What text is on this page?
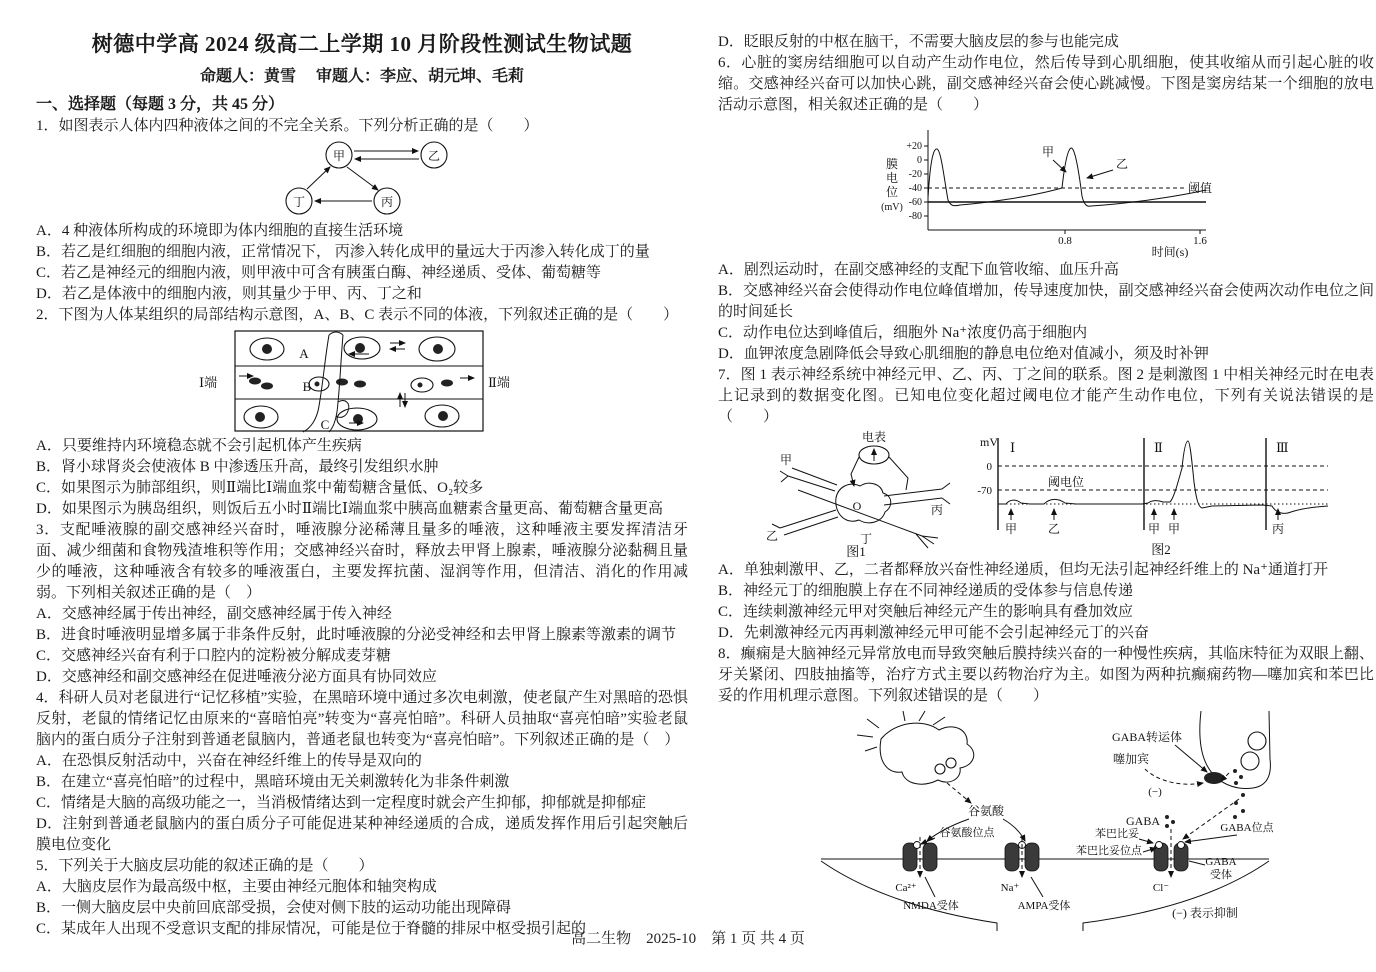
树德中学高 2024 级高二上学期 10 月阶段性测试生物试题
命题人：黄雪　 审题人：李应、胡元坤、毛莉
一、选择题（每题 3 分，共 45 分）

1．如图表示人体内四种液体之间的不完全关系。下列分析正确的是（　　）

甲	乙
丁	丙

A．4 种液体所构成的环境即为体内细胞的直接生活环境

B．若乙是红细胞的细胞内液，正常情况下， 丙渗入转化成甲的量远大于丙渗入转化成丁的量

C．若乙是神经元的细胞内液，则甲液中可含有胰蛋白酶、神经递质、受体、葡萄糖等

D．若乙是体液中的细胞内液，则其量少于甲、丙、丁之和

2．下图为人体某组织的局部结构示意图，A、B、C 表示不同的体液，下列叙述正确的是（　　）

Ⅰ端	Ⅱ端
A
B
C

A．只要维持内环境稳态就不会引起机体产生疾病

B．肾小球肾炎会使液体 B 中渗透压升高，最终引发组织水肿

C．如果图示为肺部组织，则Ⅱ端比Ⅰ端血浆中葡萄糖含量低、O₂较多

D．如果图示为胰岛组织，则饭后五小时Ⅱ端比Ⅰ端血浆中胰高血糖素含量更高、葡萄糖含量更高

3．支配唾液腺的副交感神经兴奋时，唾液腺分泌稀薄且量多的唾液，这种唾液主要发挥清洁牙面、减少细菌和食物残渣堆积等作用；交感神经兴奋时，释放去甲肾上腺素，唾液腺分泌黏稠且量少的唾液，这种唾液含有较多的唾液蛋白，主要发挥抗菌、湿润等作用，但清洁、消化的作用减弱。下列相关叙述正确的是（　）

A．交感神经属于传出神经，副交感神经属于传入神经

B．进食时唾液明显增多属于非条件反射，此时唾液腺的分泌受神经和去甲肾上腺素等激素的调节

C．交感神经兴奋有利于口腔内的淀粉被分解成麦芽糖

D．交感神经和副交感神经在促进唾液分泌方面具有协同效应

4．科研人员对老鼠进行“记忆移植”实验，在黑暗环境中通过多次电刺激，使老鼠产生对黑暗的恐惧反射，老鼠的情绪记忆由原来的“喜暗怕亮”转变为“喜亮怕暗”。科研人员抽取“喜亮怕暗”实验老鼠脑内的蛋白质分子注射到普通老鼠脑内，普通老鼠也转变为“喜亮怕暗”。下列叙述正确的是（　）

A．在恐惧反射活动中，兴奋在神经纤维上的传导是双向的

B．在建立“喜亮怕暗”的过程中，黑暗环境由无关刺激转化为非条件刺激

C．情绪是大脑的高级功能之一，当消极情绪达到一定程度时就会产生抑郁，抑郁就是抑郁症

D．注射到普通老鼠脑内的蛋白质分子可能促进某种神经递质的合成，递质发挥作用后引起突触后膜电位变化

5．下列关于大脑皮层功能的叙述正确的是（　　）

A．大脑皮层作为最高级中枢，主要由神经元胞体和轴突构成

B．一侧大脑皮层中央前回底部受损，会使对侧下肢的运动功能出现障碍

C．某成年人出现不受意识支配的排尿情况，可能是位于脊髓的排尿中枢受损引起的

D．眨眼反射的中枢在脑干，不需要大脑皮层的参与也能完成

6．心脏的窦房结细胞可以自动产生动作电位，然后传导到心肌细胞，使其收缩从而引起心脏的收缩。交感神经兴奋可以加快心跳，副交感神经兴奋会使心跳减慢。下图是窦房结某一个细胞的放电活动示意图，相关叙述正确的是（　　）

+20
0
-20
-40
-60
-80
膜
电
位
(mV)
阈值
甲
乙
0.8	1.6
时间(s)

A．剧烈运动时，在副交感神经的支配下血管收缩、血压升高

B．交感神经兴奋会使得动作电位峰值增加，传导速度加快，副交感神经兴奋会使两次动作电位之间的时间延长

C．动作电位达到峰值后，细胞外 Na⁺浓度仍高于细胞内

D．血钾浓度急剧降低会导致心肌细胞的静息电位绝对值减小，须及时补钾

7．图 1 表示神经系统中神经元甲、乙、丙、丁之间的联系。图 2 是刺激图 1 中相关神经元时在电表上记录到的数据变化图。已知电位变化超过阈电位才能产生动作电位，下列有关说法错误的是（　　）

电表
O
甲
乙
丙
丁
图1
mV Ⅰ	Ⅱ	Ⅲ
0
-70
阈电位
甲	乙	甲 甲	丙
图2

A．单独刺激甲、乙，二者都释放兴奋性神经递质，但均无法引起神经纤维上的 Na⁺通道打开

B．神经元丁的细胞膜上存在不同神经递质的受体参与信息传递

C．连续刺激神经元甲对突触后神经元产生的影响具有叠加效应

D．先刺激神经元丙再刺激神经元甲可能不会引起神经元丁的兴奋

8．癫痫是大脑神经元异常放电而导致突触后膜持续兴奋的一种慢性疾病，其临床特征为双眼上翻、牙关紧闭、四肢抽搐等，治疗方式主要以药物治疗为主。如图为两种抗癫痫药物—噻加宾和苯巴比妥的作用机理示意图。下列叙述错误的是（　　）

谷氨酸
谷氨酸位点
Ca²⁺
NMDA受体
Na⁺
AMPA受体
Cl⁻
GABA
受体
GABA转运体
噻加宾
(−)
GABA	GABA位点
苯巴比妥
苯巴比妥位点
(−) 表示抑制
高二生物　2025-10　第 1 页 共 4 页
